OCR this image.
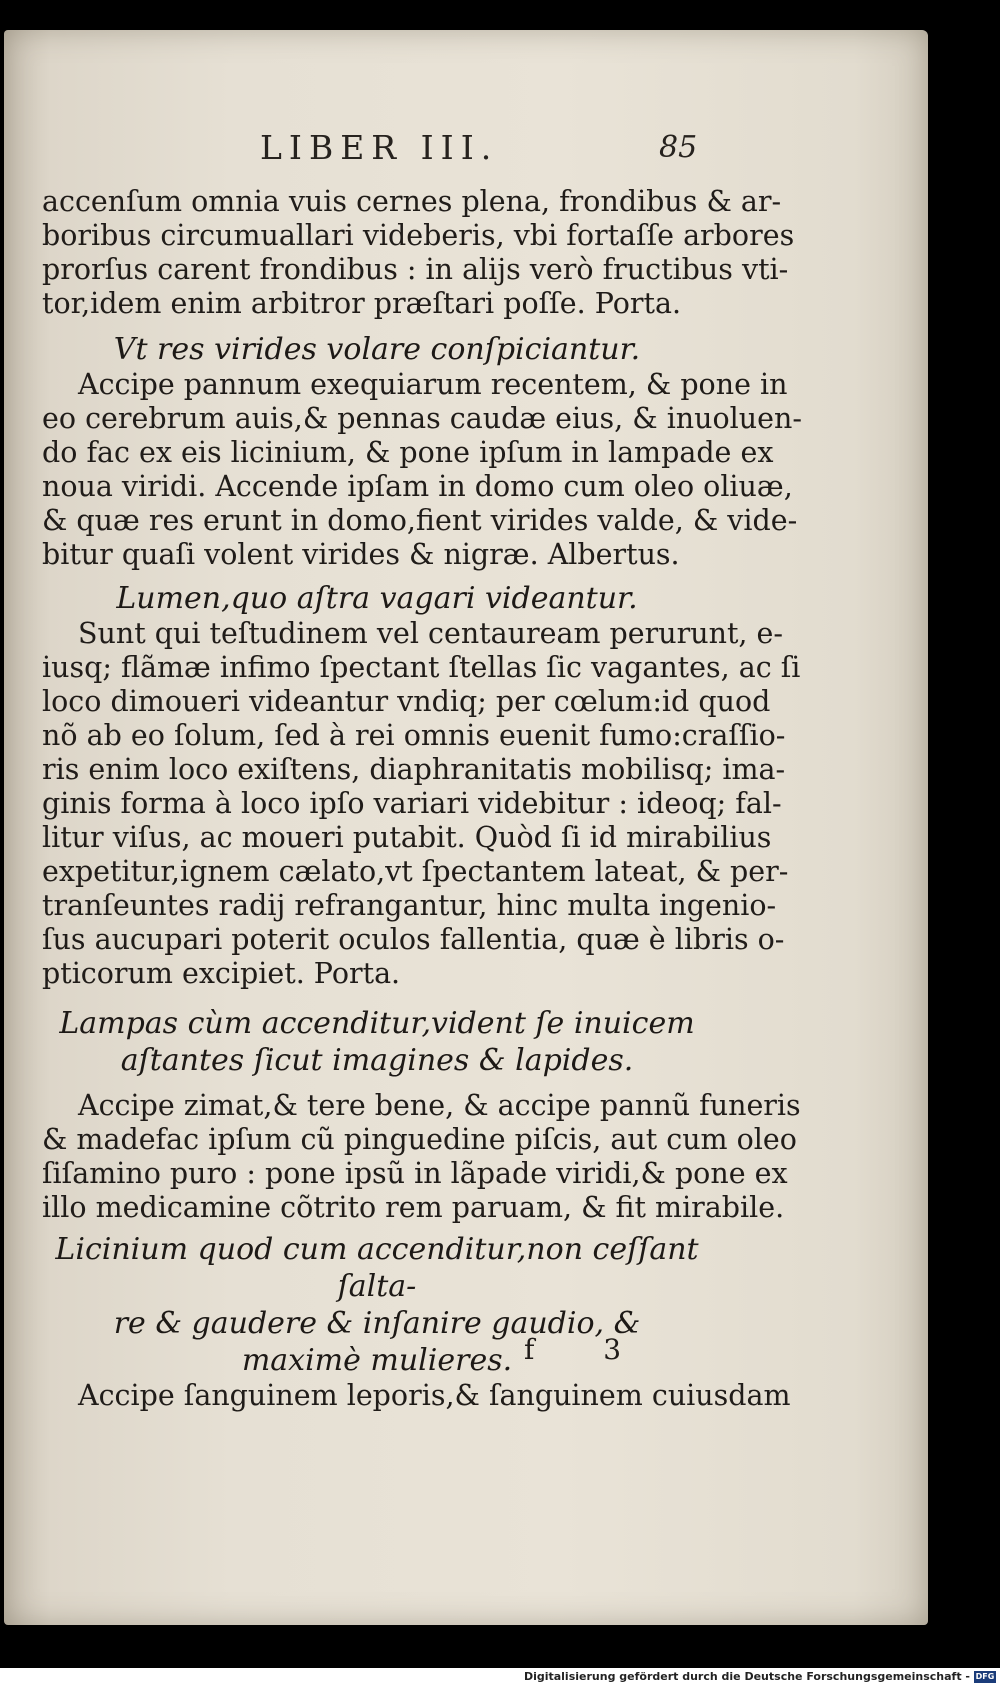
LIBER III.	85

accenſum omnia vuis cernes plena, frondibus & ar-
boribus circumuallari videberis, vbi fortaſſe arbores
prorſus carent frondibus : in alijs verò fructibus vti-
tor,idem enim arbitror præſtari poſſe. Porta.

Vt res virides volare conſpiciantur.

Accipe pannum exequiarum recentem, & pone in
eo cerebrum auis,& pennas caudæ eius, & inuoluen-
do fac ex eis licinium, & pone ipſum in lampade ex
noua viridi. Accende ipſam in domo cum oleo oliuæ,
& quæ res erunt in domo,fient virides valde, & vide-
bitur quaſi volent virides & nigræ. Albertus.

Lumen,quo aſtra vagari videantur.

Sunt qui teſtudinem vel centauream perurunt, e-
iusq; flãmæ infimo ſpectant ſtellas ſic vagantes, ac ſi
loco dimoueri videantur vndiq; per cœlum:id quod
nõ ab eo ſolum, ſed à rei omnis euenit fumo:craſſio-
ris enim loco exiſtens, diaphranitatis mobilisq; ima-
ginis forma à loco ipſo variari videbitur : ideoq; fal-
litur viſus, ac moueri putabit. Quòd ſi id mirabilius
expetitur,ignem cælato,vt ſpectantem lateat, & per-
tranſeuntes radij refrangantur, hinc multa ingenio-
ſus aucupari poterit oculos fallentia, quæ è libris o-
pticorum excipiet. Porta.

Lampas cùm accenditur,vident ſe inuicem

aſtantes ſicut imagines & lapides.

Accipe zimat,& tere bene, & accipe pannũ funeris
& madefac ipſum cũ pinguedine piſcis, aut cum oleo
ſiſamino puro : pone ipsũ in lãpade viridi,& pone ex
illo medicamine cõtrito rem paruam, & fit mirabile.

Licinium quod cum accenditur,non ceſſant ſalta-

re & gaudere & inſanire gaudio, &

maximè mulieres.

Accipe ſanguinem leporis,& ſanguinem cuiusdam

f 3
Digitalisierung gefördert durch die Deutsche Forschungsgemeinschaft - DFG
